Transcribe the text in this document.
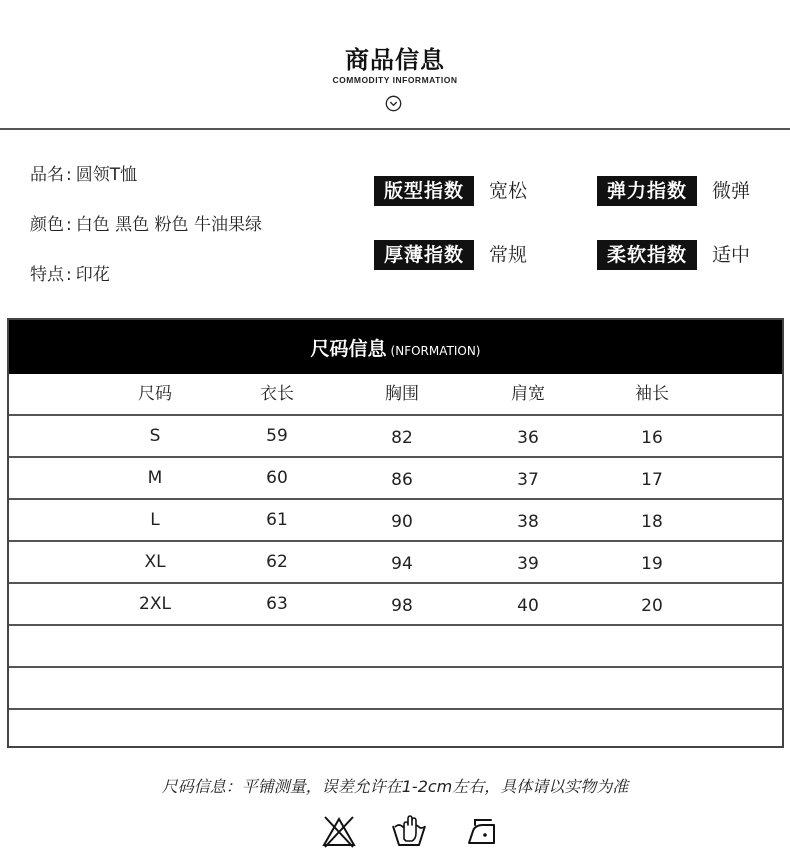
商品信息
COMMODITY INFORMATION
品名 : 圆领T恤
颜色 : 白色 黑色 粉色 牛油果绿
特点 : 印花
版型指数	宽松	弹力指数	微弹
厚薄指数	常规	柔软指数	适中
尺码信息 (NFORMATION)
尺码	衣长	胸围	肩宽	袖长
S	59	82	36	16
M	60	86	37	17
L	61	90	38	18
XL	62	94	39	19
2XL	63	98	40	20
尺码信息：平铺测量，误差允许在1-2cm左右，具体请以实物为准
